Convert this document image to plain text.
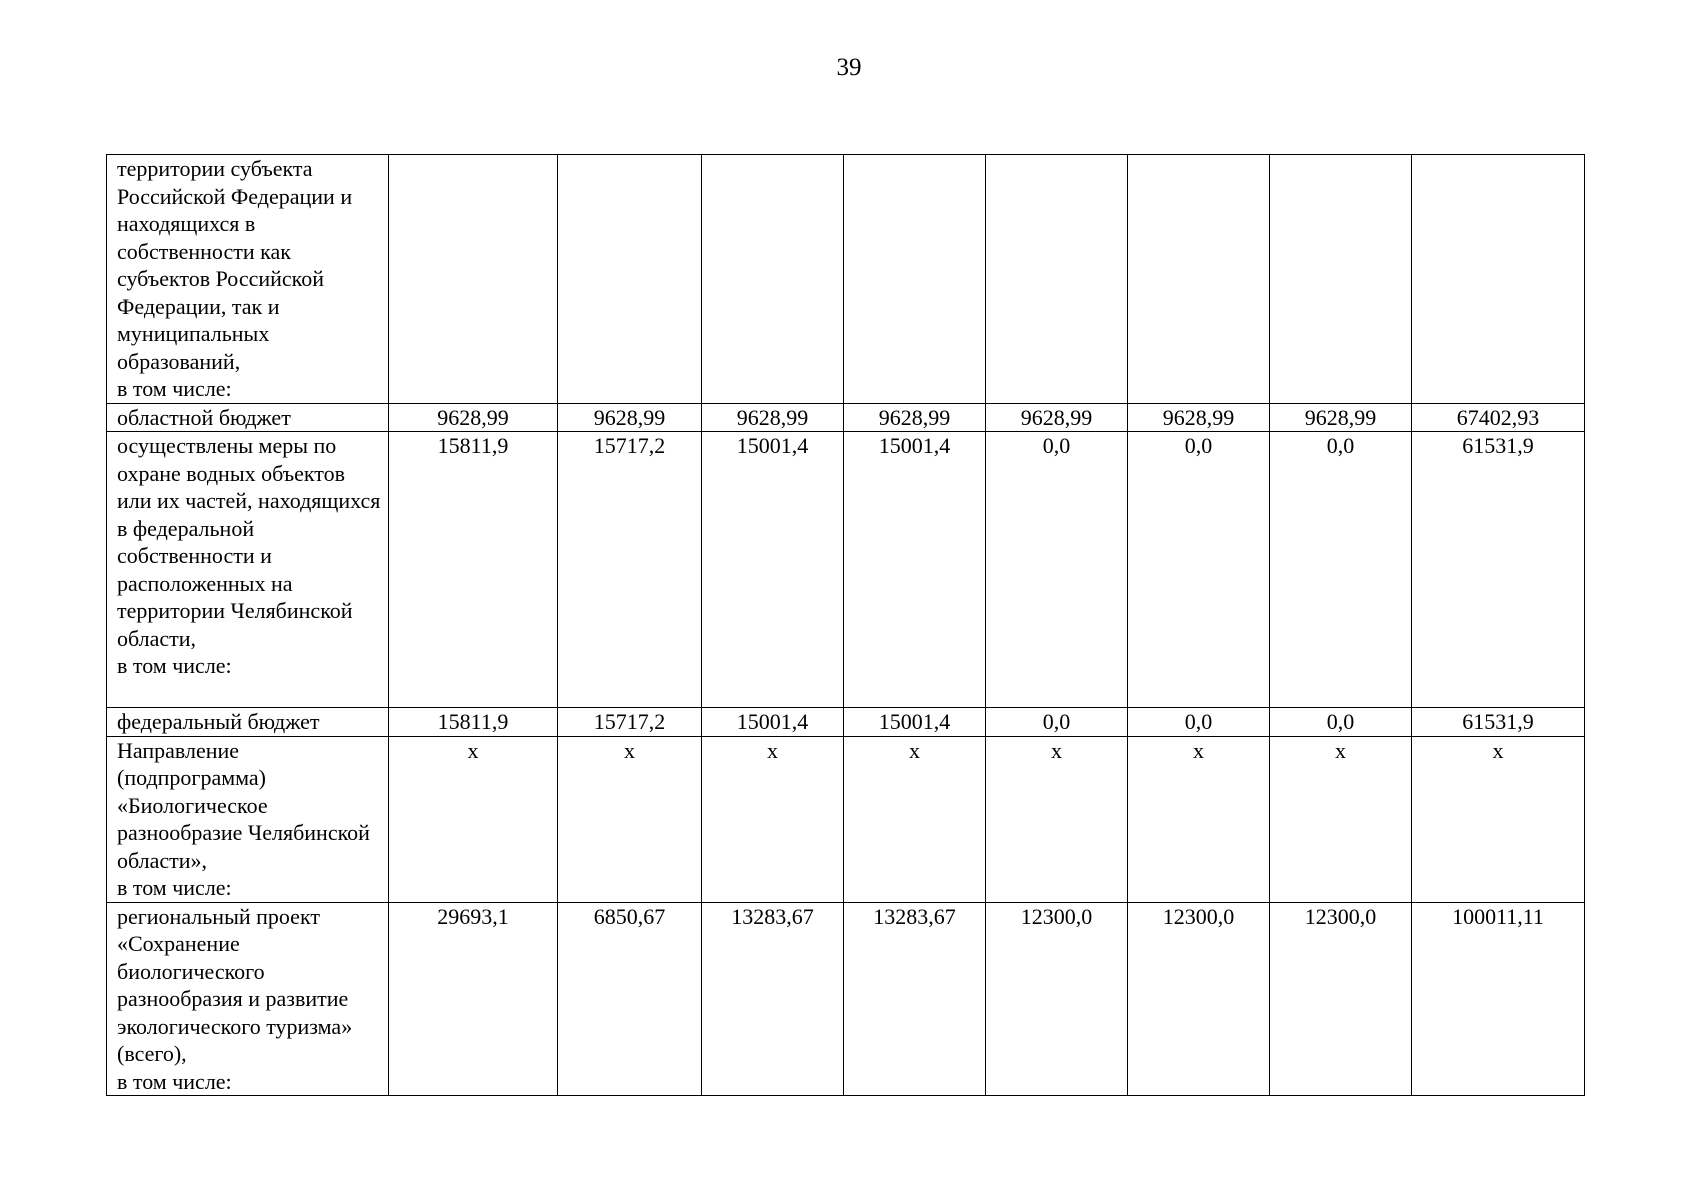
39
территории субъекта Российской Федерации и находящихся в собственности как субъектов Российской Федерации, так и муниципальных образований,
в том числе:								

областной бюджет	9628,99	9628,99	9628,99	9628,99	9628,99	9628,99	9628,99	67402,93

осуществлены меры по охране водных объектов или их частей, находящихся в федеральной собственности и расположенных на территории Челябинской области,
в том числе:	15811,9	15717,2	15001,4	15001,4	0,0	0,0	0,0	61531,9

федеральный бюджет	15811,9	15717,2	15001,4	15001,4	0,0	0,0	0,0	61531,9

Направление (подпрограмма) «Биологическое разнообразие Челябинской области»,
в том числе:	x	x	x	x	x	x	x	x

региональный проект «Сохранение биологического разнообразия и развитие экологического туризма» (всего),
в том числе:	29693,1	6850,67	13283,67	13283,67	12300,0	12300,0	12300,0	100011,11
